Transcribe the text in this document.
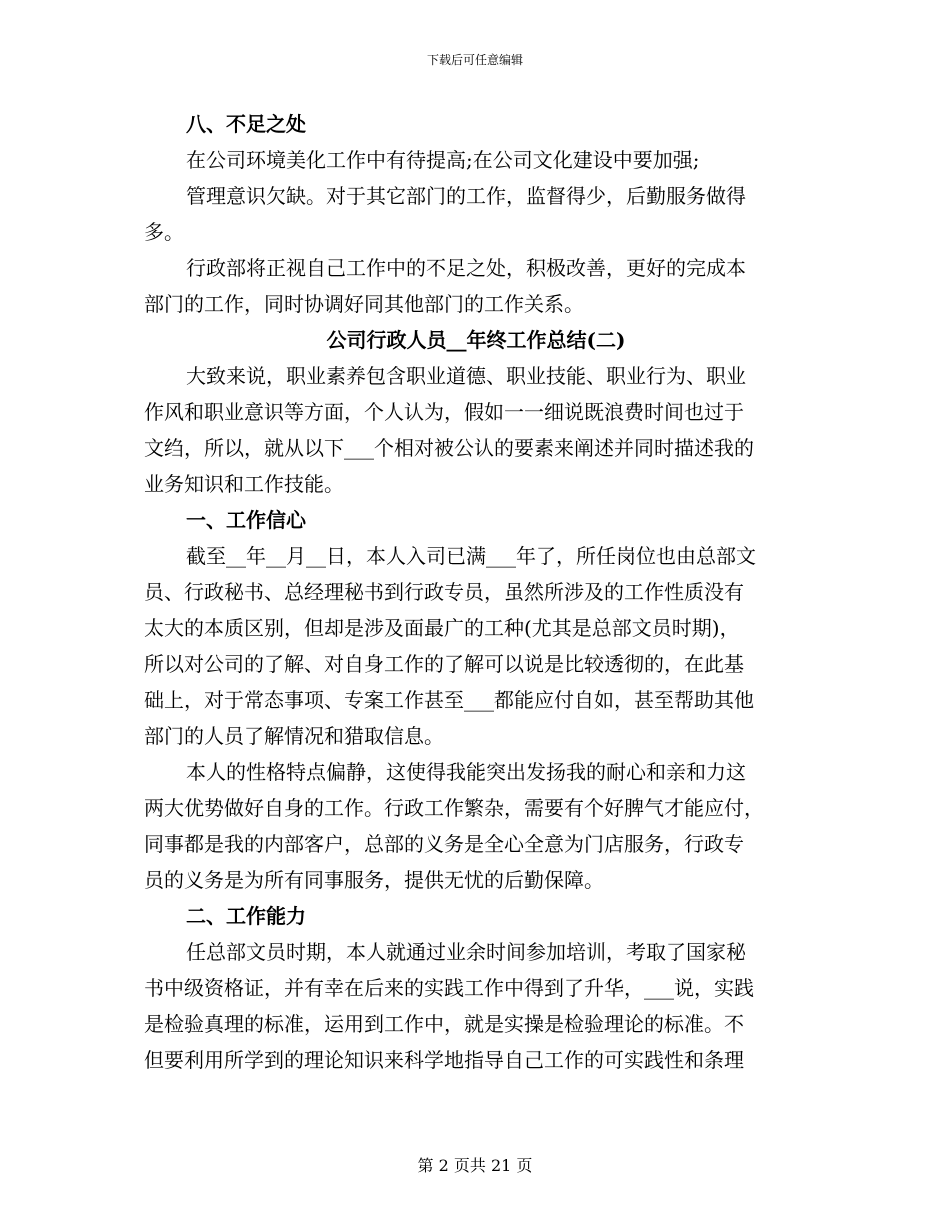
下载后可任意编辑
八、不足之处
在公司环境美化工作中有待提高;在公司文化建设中要加强;
管理意识欠缺。对于其它部门的工作，监督得少，后勤服务做得
多。
行政部将正视自己工作中的不足之处，积极改善，更好的完成本
部门的工作，同时协调好同其他部门的工作关系。
公司行政人员__年终工作总结(二)
大致来说，职业素养包含职业道德、职业技能、职业行为、职业
作风和职业意识等方面，个人认为，假如一一细说既浪费时间也过于
文绉，所以，就从以下___个相对被公认的要素来阐述并同时描述我的
业务知识和工作技能。
一、工作信心
截至__年__月__日，本人入司已满___年了，所任岗位也由总部文
员、行政秘书、总经理秘书到行政专员，虽然所涉及的工作性质没有
太大的本质区别，但却是涉及面最广的工种(尤其是总部文员时期)，
所以对公司的了解、对自身工作的了解可以说是比较透彻的，在此基
础上，对于常态事项、专案工作甚至___都能应付自如，甚至帮助其他
部门的人员了解情况和猎取信息。
本人的性格特点偏静，这使得我能突出发扬我的耐心和亲和力这
两大优势做好自身的工作。行政工作繁杂，需要有个好脾气才能应付，
同事都是我的内部客户，总部的义务是全心全意为门店服务，行政专
员的义务是为所有同事服务，提供无忧的后勤保障。
二、工作能力
任总部文员时期，本人就通过业余时间参加培训，考取了国家秘
书中级资格证，并有幸在后来的实践工作中得到了升华，___说，实践
是检验真理的标准，运用到工作中，就是实操是检验理论的标准。不
但要利用所学到的理论知识来科学地指导自己工作的可实践性和条理
第 2 页共 21 页
